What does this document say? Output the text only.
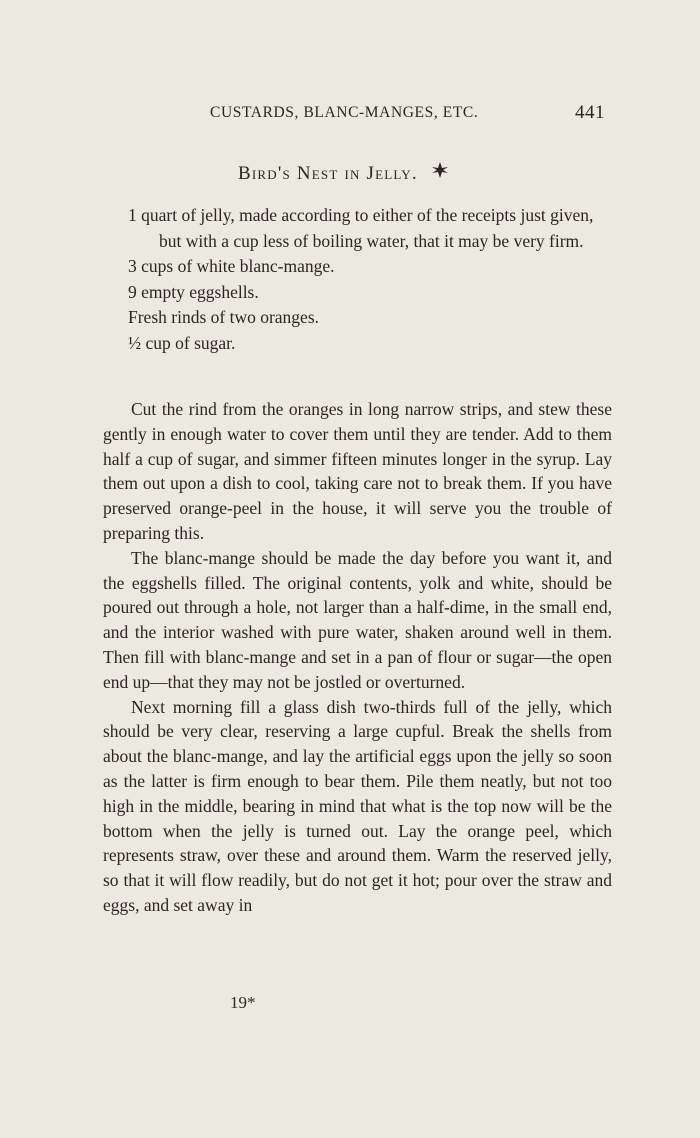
CUSTARDS, BLANC-MANGES, ETC.	441
Bird's Nest in Jelly.
1 quart of jelly, made according to either of the receipts just given, but with a cup less of boiling water, that it may be very firm.
3 cups of white blanc-mange.
9 empty eggshells.
Fresh rinds of two oranges.
½ cup of sugar.

Cut the rind from the oranges in long narrow strips, and stew these gently in enough water to cover them until they are tender. Add to them half a cup of sugar, and simmer fifteen minutes longer in the syrup. Lay them out upon a dish to cool, taking care not to break them. If you have preserved orange-peel in the house, it will serve you the trouble of preparing this.

The blanc-mange should be made the day before you want it, and the eggshells filled. The original contents, yolk and white, should be poured out through a hole, not larger than a half-dime, in the small end, and the interior washed with pure water, shaken around well in them. Then fill with blanc-mange and set in a pan of flour or sugar—the open end up—that they may not be jostled or overturned.

Next morning fill a glass dish two-thirds full of the jelly, which should be very clear, reserving a large cupful. Break the shells from about the blanc-mange, and lay the artificial eggs upon the jelly so soon as the latter is firm enough to bear them. Pile them neatly, but not too high in the middle, bearing in mind that what is the top now will be the bottom when the jelly is turned out. Lay the orange peel, which represents straw, over these and around them. Warm the reserved jelly, so that it will flow readily, but do not get it hot; pour over the straw and eggs, and set away in

19*
